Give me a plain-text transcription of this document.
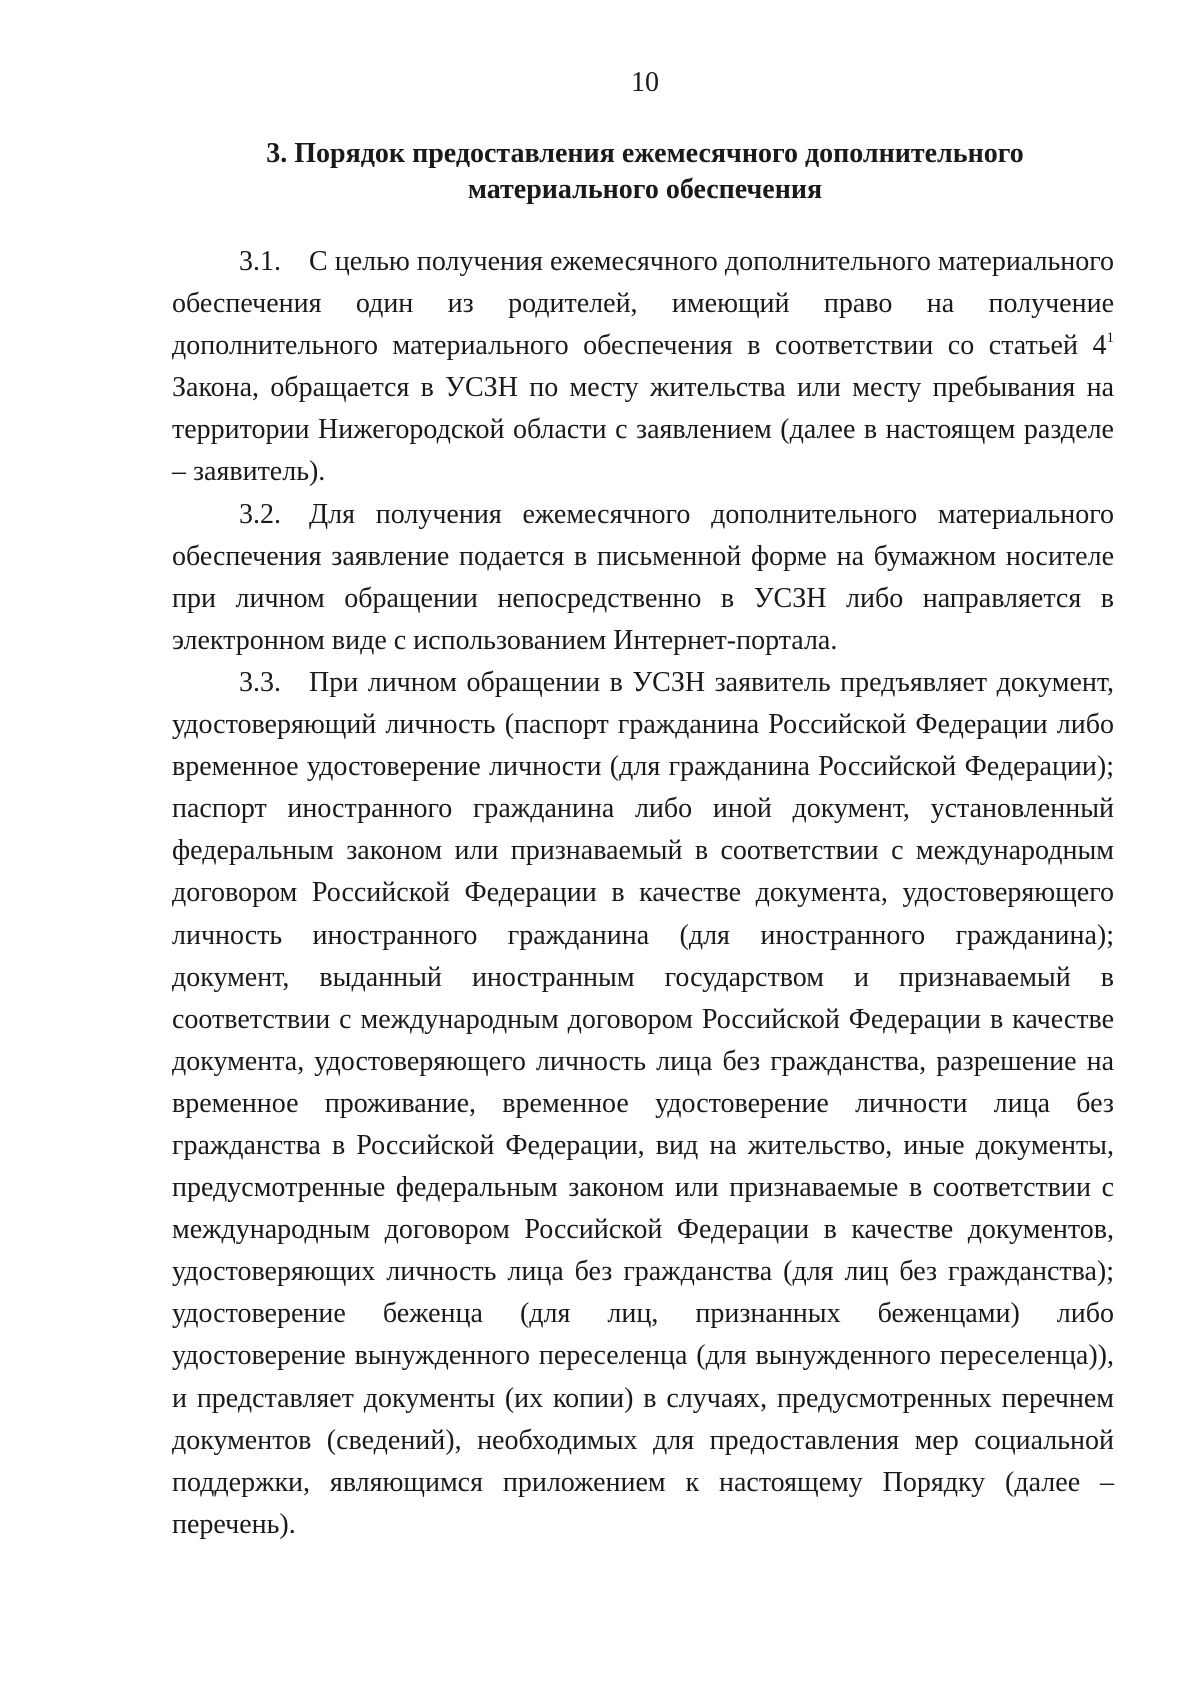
10
3. Порядок предоставления ежемесячного дополнительного
материального обеспечения

3.1. С целью получения ежемесячного дополнительного материального обеспечения один из родителей, имеющий право на получение дополнительного материального обеспечения в соответствии со статьей $4^1$ Закона, обращается в УСЗН по месту жительства или месту пребывания на территории Нижегородской области с заявлением (далее в настоящем разделе – заявитель).

3.2. Для получения ежемесячного дополнительного материального обеспечения заявление подается в письменной форме на бумажном носителе при личном обращении непосредственно в УСЗН либо направляется в электронном виде с использованием Интернет-портала.

3.3. При личном обращении в УСЗН заявитель предъявляет документ, удостоверяющий личность (паспорт гражданина Российской Федерации либо временное удостоверение личности (для гражданина Российской Федерации); паспорт иностранного гражданина либо иной документ, установленный федеральным законом или признаваемый в соответствии с международным договором Российской Федерации в качестве документа, удостоверяющего личность иностранного гражданина (для иностранного гражданина); документ, выданный иностранным государством и признаваемый в соответствии с международным договором Российской Федерации в качестве документа, удостоверяющего личность лица без гражданства, разрешение на временное проживание, временное удостоверение личности лица без гражданства в Российской Федерации, вид на жительство, иные документы, предусмотренные федеральным законом или признаваемые в соответствии с международным договором Российской Федерации в качестве документов, удостоверяющих личность лица без гражданства (для лиц без гражданства); удостоверение беженца (для лиц, признанных беженцами) либо удостоверение вынужденного переселенца (для вынужденного переселенца)), и представляет документы (их копии) в случаях, предусмотренных перечнем документов (сведений), необходимых для предоставления мер социальной поддержки, являющимся приложением к настоящему Порядку (далее – перечень).
